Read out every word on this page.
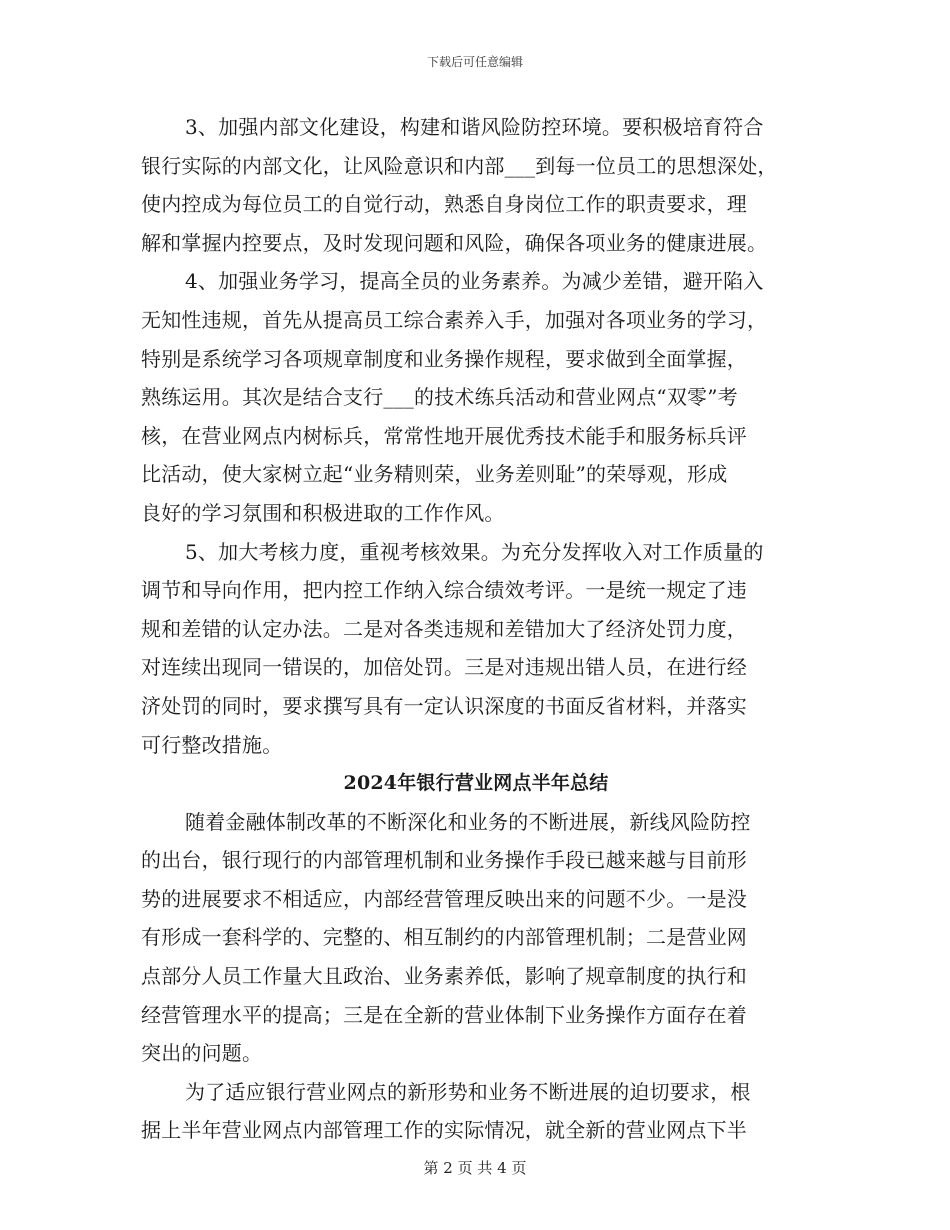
下载后可任意编辑
3、加强内部文化建设，构建和谐风险防控环境。要积极培育符合
银行实际的内部文化，让风险意识和内部___到每一位员工的思想深处，
使内控成为每位员工的自觉行动，熟悉自身岗位工作的职责要求，理
解和掌握内控要点，及时发现问题和风险，确保各项业务的健康进展。
4、加强业务学习，提高全员的业务素养。为减少差错，避开陷入
无知性违规，首先从提高员工综合素养入手，加强对各项业务的学习，
特别是系统学习各项规章制度和业务操作规程，要求做到全面掌握，
熟练运用。其次是结合支行___的技术练兵活动和营业网点“双零”考
核，在营业网点内树标兵，常常性地开展优秀技术能手和服务标兵评
比活动，使大家树立起“业务精则荣，业务差则耻”的荣辱观，形成
良好的学习氛围和积极进取的工作作风。
5、加大考核力度，重视考核效果。为充分发挥收入对工作质量的
调节和导向作用，把内控工作纳入综合绩效考评。一是统一规定了违
规和差错的认定办法。二是对各类违规和差错加大了经济处罚力度，
对连续出现同一错误的，加倍处罚。三是对违规出错人员，在进行经
济处罚的同时，要求撰写具有一定认识深度的书面反省材料，并落实
可行整改措施。
2024年银行营业网点半年总结
随着金融体制改革的不断深化和业务的不断进展，新线风险防控
的出台，银行现行的内部管理机制和业务操作手段已越来越与目前形
势的进展要求不相适应，内部经营管理反映出来的问题不少。一是没
有形成一套科学的、完整的、相互制约的内部管理机制；二是营业网
点部分人员工作量大且政治、业务素养低，影响了规章制度的执行和
经营管理水平的提高；三是在全新的营业体制下业务操作方面存在着
突出的问题。
为了适应银行营业网点的新形势和业务不断进展的迫切要求，根
据上半年营业网点内部管理工作的实际情况，就全新的营业网点下半
第 2 页 共 4 页
